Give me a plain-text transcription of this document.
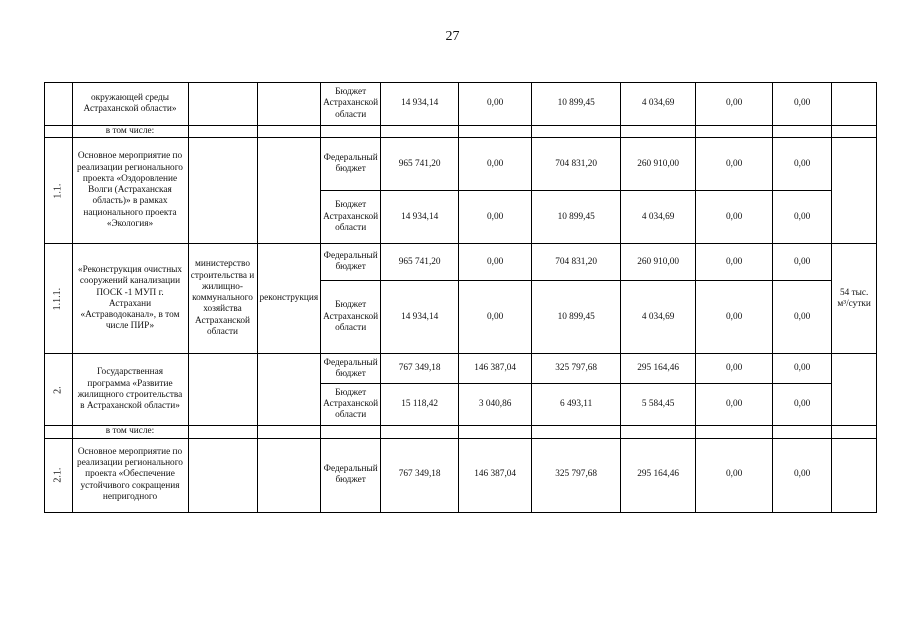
27
	окружающей среды Астраханской области»			Бюджет Астраханской области	14 934,14	0,00	10 899,45	4 034,69	0,00	0,00	
	в том числе:										
1.1.	Основное мероприятие по реализации регионального проекта «Оздоровление Волги (Астраханская область)» в рамках национального проекта «Экология»			Федеральный бюджет	965 741,20	0,00	704 831,20	260 910,00	0,00	0,00	
				Бюджет Астраханской области	14 934,14	0,00	10 899,45	4 034,69	0,00	0,00	
1.1.1.	«Реконструкция очистных сооружений канализации ПОСК -1 МУП г. Астрахани «Астраводоканал», в том числе ПИР»	министерство строительства и жилищно-коммунального хозяйства Астраханской области	реконструкция	Федеральный бюджет	965 741,20	0,00	704 831,20	260 910,00	0,00	0,00	54 тыс. м³/сутки
				Бюджет Астраханской области	14 934,14	0,00	10 899,45	4 034,69	0,00	0,00	
2.	Государственная программа «Развитие жилищного строительства в Астраханской области»			Федеральный бюджет	767 349,18	146 387,04	325 797,68	295 164,46	0,00	0,00	
				Бюджет Астраханской области	15 118,42	3 040,86	6 493,11	5 584,45	0,00	0,00	
	в том числе:										
2.1.	Основное мероприятие по реализации регионального проекта «Обеспечение устойчивого сокращения непригодного			Федеральный бюджет	767 349,18	146 387,04	325 797,68	295 164,46	0,00	0,00	
